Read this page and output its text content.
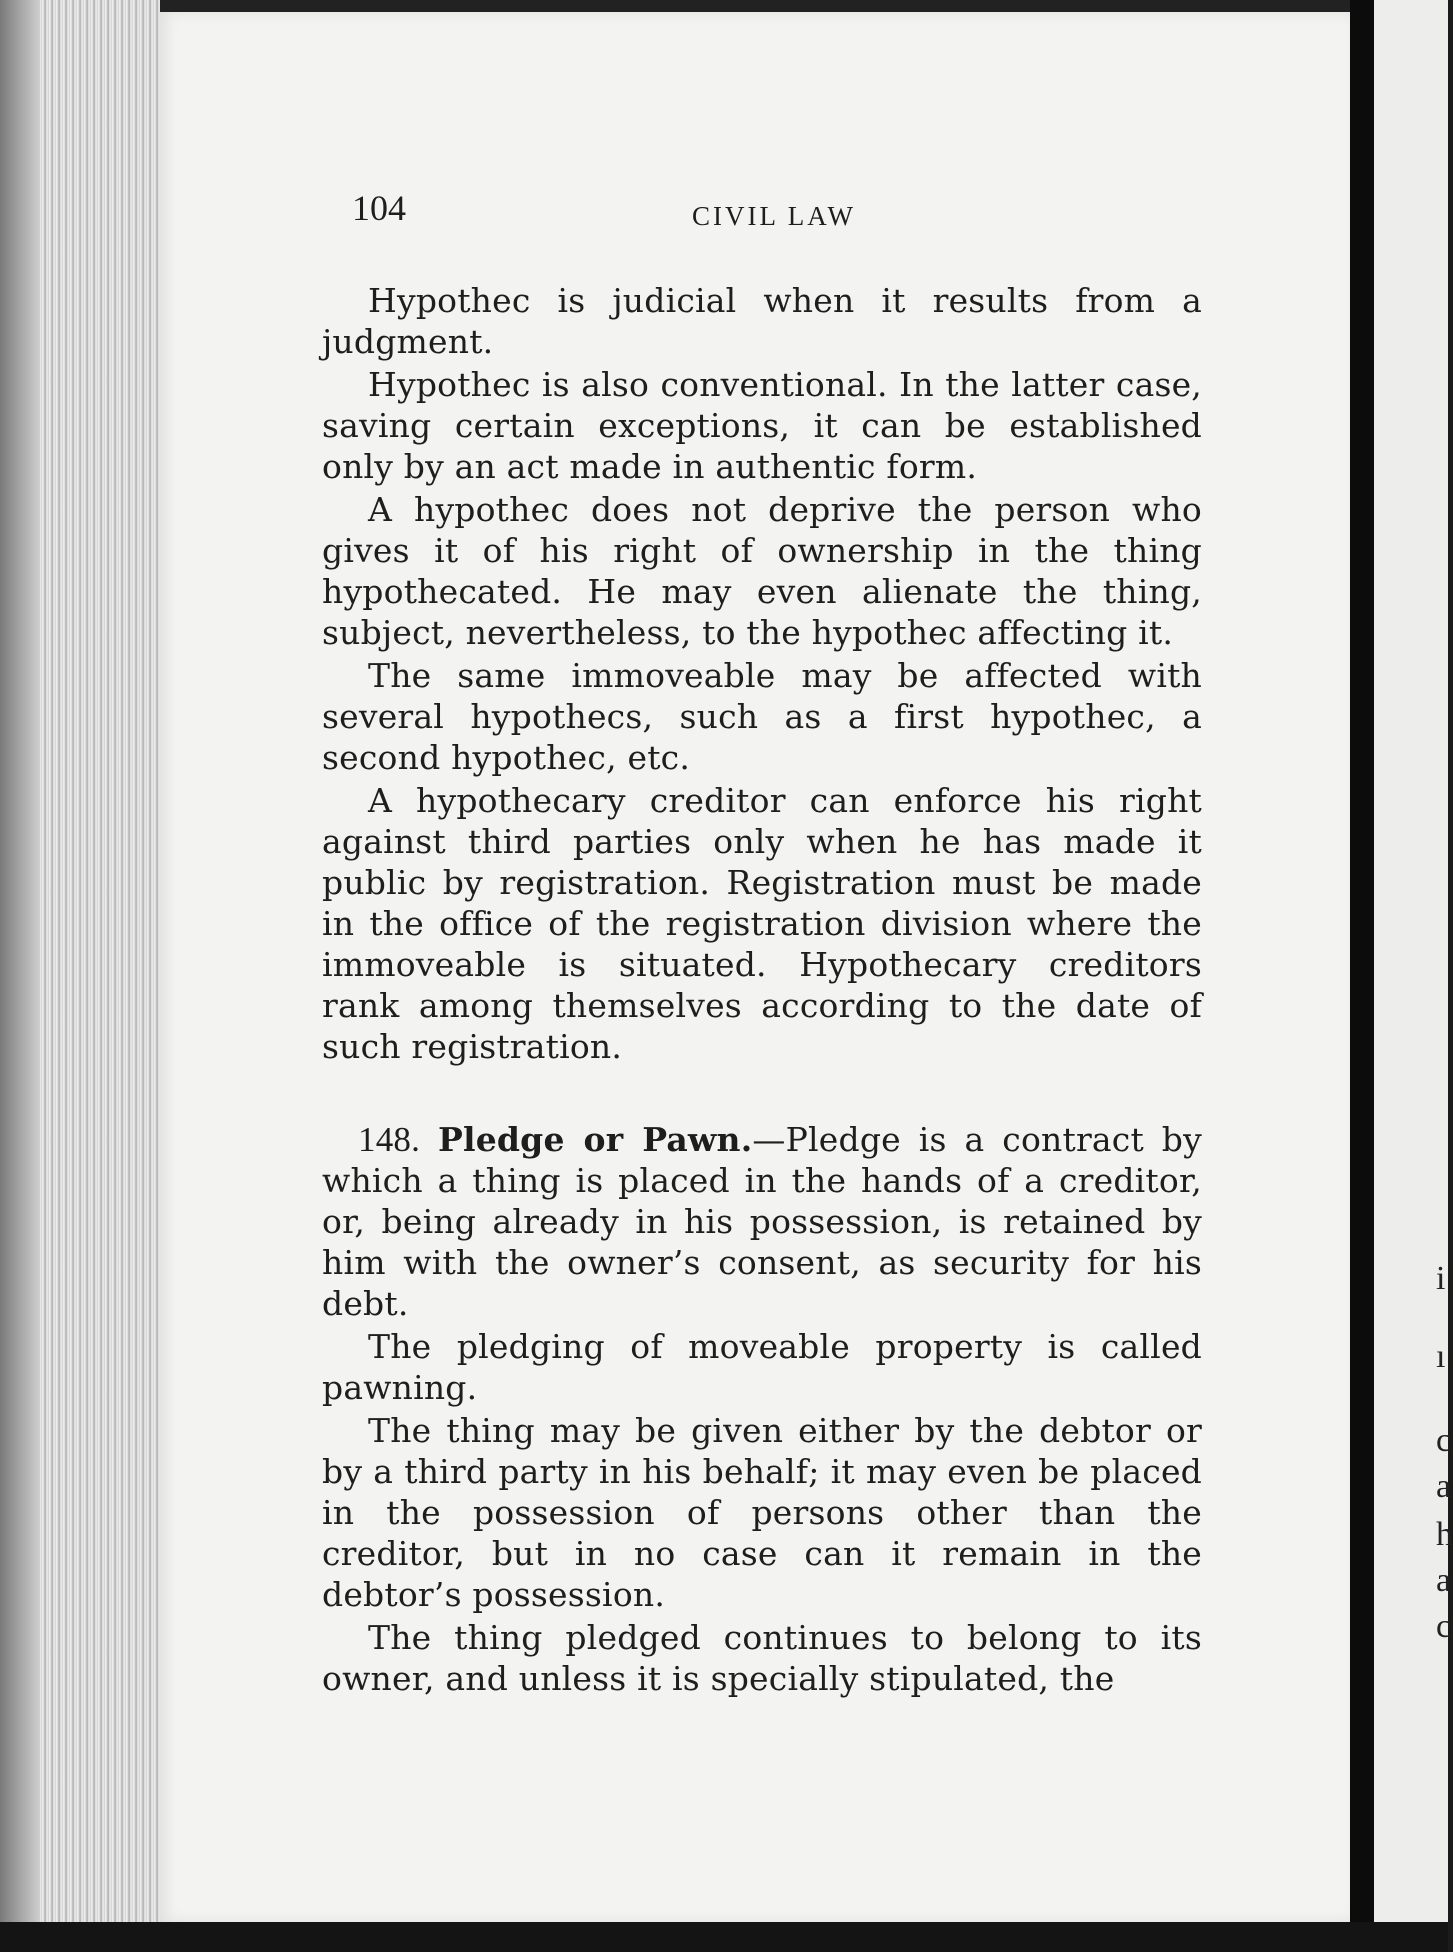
i
ı
c
a
h
a
c
104	CIVIL LAW

Hypothec is judicial when it results from a judgment.

Hypothec is also conventional. In the latter case, saving certain exceptions, it can be established only by an act made in authentic form.

A hypothec does not deprive the person who gives it of his right of ownership in the thing hypothecated. He may even alienate the thing, subject, nevertheless, to the hypothec affecting it.

The same immoveable may be affected with several hypothecs, such as a first hypothec, a second hypothec, etc.

A hypothecary creditor can enforce his right against third parties only when he has made it public by registration. Registration must be made in the office of the registration division where the immoveable is situated. Hypothecary creditors rank among themselves according to the date of such registration.

148. Pledge or Pawn.—Pledge is a contract by which a thing is placed in the hands of a creditor, or, being already in his possession, is retained by him with the owner’s consent, as security for his debt.

The pledging of moveable property is called pawning.

The thing may be given either by the debtor or by a third party in his behalf; it may even be placed in the possession of persons other than the creditor, but in no case can it remain in the debtor’s possession.

The thing pledged continues to belong to its owner, and unless it is specially stipulated, the
